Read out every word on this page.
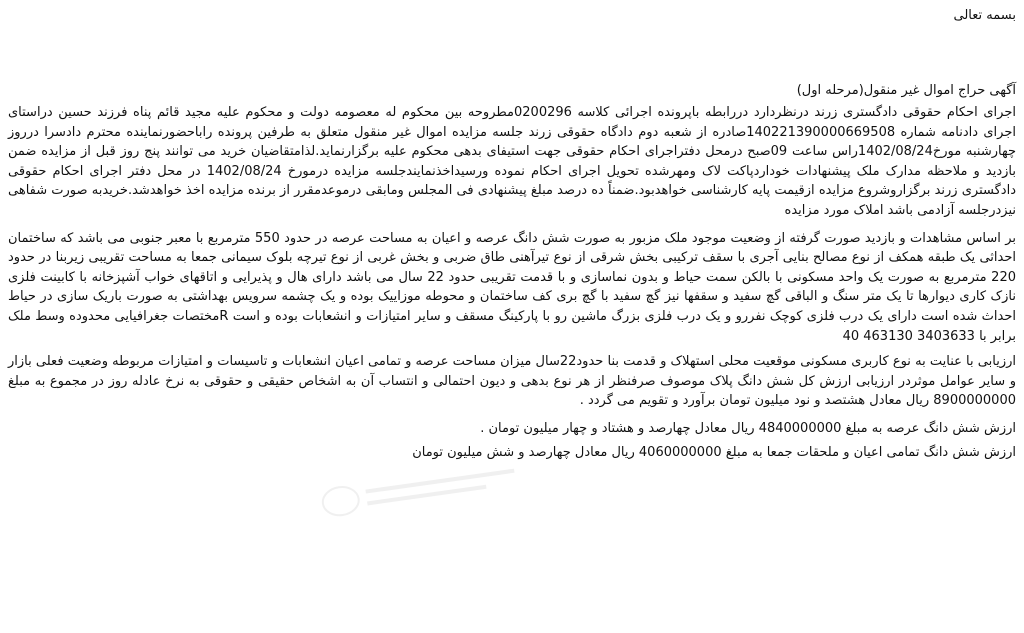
بسمه تعالی
آگهی حراج اموال غیر منقول(مرحله اول)

اجرای احکام حقوقی دادگستری زرند درنظردارد دررابطه باپرونده اجرائی کلاسه 0200296مطروحه بین محکوم له معصومه دولت و محکوم علیه مجید قائم پناه فرزند حسین دراستای اجرای دادنامه شماره 140221390000669508صادره از شعبه دوم دادگاه حقوقی زرند جلسه مزایده اموال غیر منقول متعلق به طرفین پرونده راباحضورنماینده محترم دادسرا درروز چهارشنبه مورخ1402/08/24راس ساعت 09صبح درمحل دفتراجرای احکام حقوقی جهت استیفای بدهی محکوم علیه برگزارنماید.لذامتقاضیان خرید می توانند پنج روز قبل از مزایده ضمن بازدید و ملاحظه مدارک ملک پیشنهادات خوداردپاکت لاک ومهرشده تحویل اجرای احکام نموده ورسیداخذنمایندجلسه مزایده درمورخ 1402/08/24 در محل دفتر اجرای احکام حقوقی دادگستری زرند برگزاروشروع مزایده ازقیمت پایه کارشناسی خواهدبود.ضمناً ده درصد مبلغ پیشنهادی فی المجلس ومابقی درموعدمقرر از برنده مزایده اخذ خواهدشد.خریدبه صورت شفاهی نیزدرجلسه آزادمی باشد املاک مورد مزایده

بر اساس مشاهدات و بازدید صورت گرفته از وضعیت موجود ملک مزبور به صورت شش دانگ عرصه و اعیان به مساحت عرصه در حدود 550 مترمربع با معبر جنوبی می باشد که ساختمان احداثی یک طبقه همکف از نوع مصالح بنایی آجری با سقف ترکیبی بخش شرقی از نوع تیرآهنی طاق ضربی و بخش غربی از نوع تیرچه بلوک سیمانی جمعا به مساحت تقریبی زیربنا در حدود 220 مترمربع به صورت یک واحد مسکونی با بالکن سمت حیاط و بدون نماسازی و با قدمت تقریبی حدود 22 سال می باشد دارای هال و پذیرایی و اتاقهای خواب آشپزخانه با کابینت فلزی نازک کاری دیوارها تا یک متر سنگ و الباقی گچ سفید و سقفها نیز گچ سفید با گچ بری کف ساختمان و محوطه موزاییک بوده و یک چشمه سرویس بهداشتی به صورت باریک سازی در حیاط احداث شده است دارای یک درب فلزی کوچک نفررو و یک درب فلزی بزرگ ماشین رو با پارکینگ مسقف و سایر امتیازات و انشعابات بوده و است Rمختصات جغرافیایی محدوده وسط ملک برابر با 3403633 463130 40

ارزیابی با عنایت به نوع کاربری مسکونی موقعیت محلی استهلاک و قدمت بنا حدود22سال میزان مساحت عرصه و تمامی اعیان انشعابات و تاسیسات و امتیازات مربوطه وضعیت فعلی بازار و سایر عوامل موثردر ارزیابی ارزش کل شش دانگ پلاک موصوف صرفنظر از هر نوع بدهی و دیون احتمالی و انتساب آن به اشخاص حقیقی و حقوقی به نرخ عادله روز در مجموع به مبلغ 8900000000 ریال معادل هشتصد و نود میلیون تومان برآورد و تقویم می گردد .

ارزش شش دانگ عرصه به مبلغ 4840000000 ریال معادل چهارصد و هشتاد و چهار میلیون تومان .
ارزش شش دانگ تمامی اعیان و ملحقات جمعا به مبلغ 4060000000 ریال معادل چهارصد و شش میلیون تومان
